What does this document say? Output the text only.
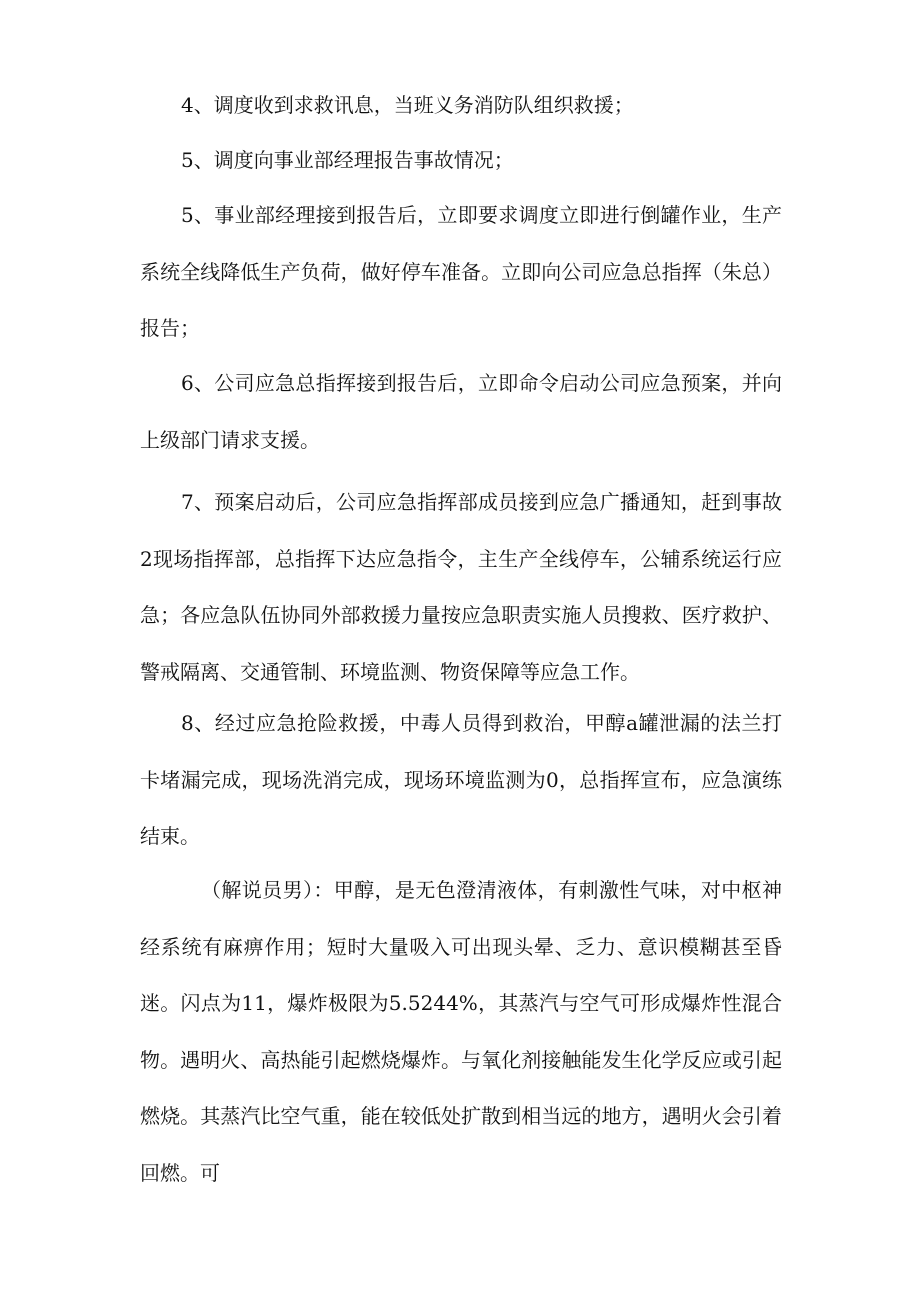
4、调度收到求救讯息，当班义务消防队组织救援；

5、调度向事业部经理报告事故情况；

5、事业部经理接到报告后，立即要求调度立即进行倒罐作业，生产系统全线降低生产负荷，做好停车准备。立即向公司应急总指挥（朱总）报告；

6、公司应急总指挥接到报告后，立即命令启动公司应急预案，并向上级部门请求支援。

7、预案启动后，公司应急指挥部成员接到应急广播通知，赶到事故2现场指挥部，总指挥下达应急指令，主生产全线停车，公辅系统运行应急；各应急队伍协同外部救援力量按应急职责实施人员搜救、医疗救护、警戒隔离、交通管制、环境监测、物资保障等应急工作。

8、经过应急抢险救援，中毒人员得到救治，甲醇a罐泄漏的法兰打卡堵漏完成，现场洗消完成，现场环境监测为0，总指挥宣布，应急演练结束。

（解说员男）：甲醇，是无色澄清液体，有刺激性气味，对中枢神经系统有麻痹作用；短时大量吸入可出现头晕、乏力、意识模糊甚至昏迷。闪点为11，爆炸极限为5.5244%，其蒸汽与空气可形成爆炸性混合物。遇明火、高热能引起燃烧爆炸。与氧化剂接触能发生化学反应或引起燃烧。其蒸汽比空气重，能在较低处扩散到相当远的地方，遇明火会引着回燃。可
